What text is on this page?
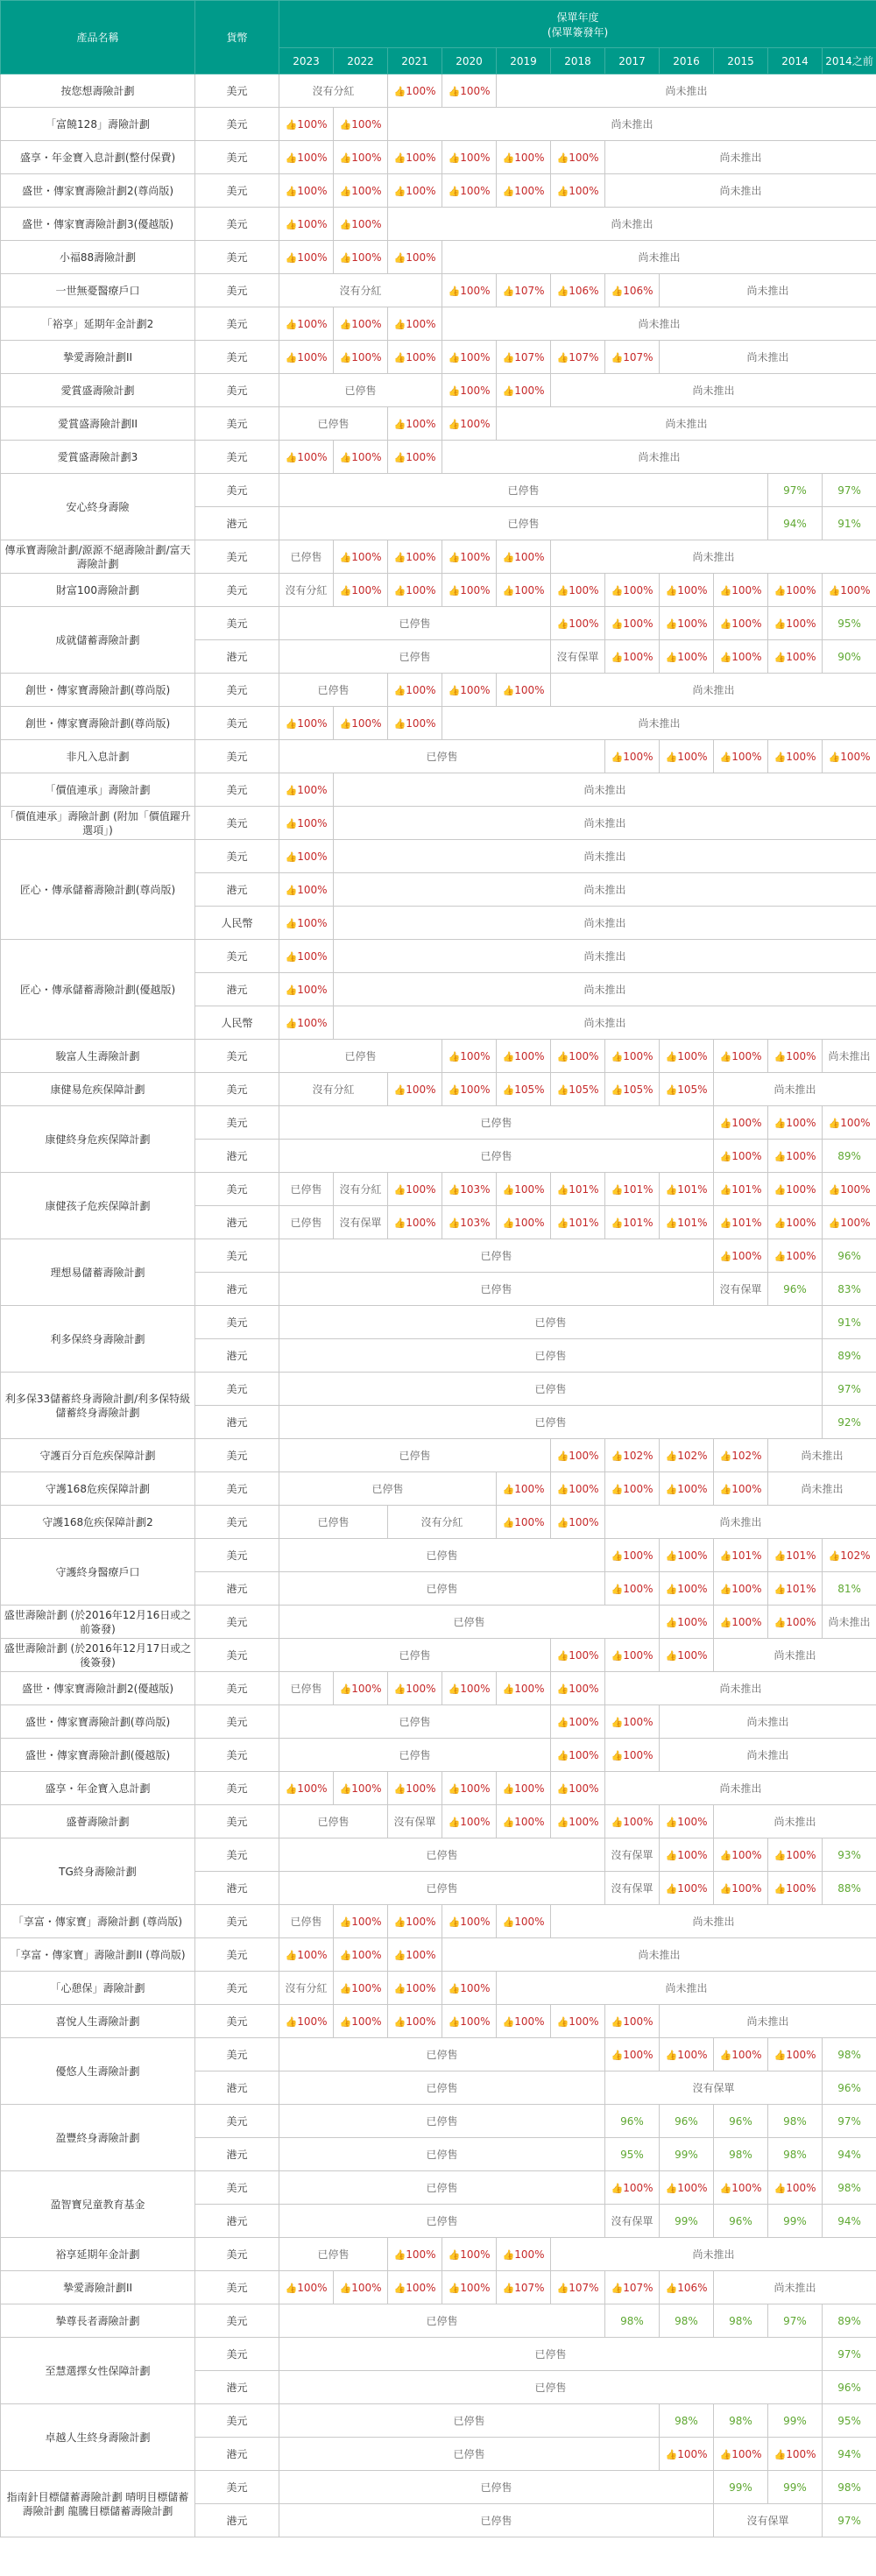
產品名稱	貨幣	保單年度
(保單簽發年)										

		2023	2022	2021	2020	2019	2018	2017	2016	2015	2014	2014之前
按您想壽險計劃	美元	沒有分紅		👍100%	👍100%	尚未推出						
「富饒128」壽險計劃	美元	👍100%	👍100%	尚未推出								
盛享・年金寶入息計劃(整付保費)	美元	👍100%	👍100%	👍100%	👍100%	👍100%	👍100%	尚未推出				
盛世・傳家寶壽險計劃2(尊尚版)	美元	👍100%	👍100%	👍100%	👍100%	👍100%	👍100%	尚未推出				
盛世・傳家寶壽險計劃3(優越版)	美元	👍100%	👍100%	尚未推出								
小福88壽險計劃	美元	👍100%	👍100%	👍100%	尚未推出							
一世無憂醫療戶口	美元	沒有分紅			👍100%	👍107%	👍106%	👍106%	尚未推出			
「裕享」延期年金計劃2	美元	👍100%	👍100%	👍100%	尚未推出							
摯愛壽險計劃II	美元	👍100%	👍100%	👍100%	👍100%	👍107%	👍107%	👍107%	尚未推出			
愛賞盛壽險計劃	美元	已停售			👍100%	👍100%	尚未推出					
愛賞盛壽險計劃II	美元	已停售		👍100%	👍100%	尚未推出						
愛賞盛壽險計劃3	美元	👍100%	👍100%	👍100%	尚未推出							
安心終身壽險	美元	已停售									97%	97%
	港元	已停售									94%	91%
傳承寶壽險計劃/源源不絕壽險計劃/富天壽險計劃	美元	已停售	👍100%	👍100%	👍100%	👍100%	尚未推出					
財富100壽險計劃	美元	沒有分紅	👍100%	👍100%	👍100%	👍100%	👍100%	👍100%	👍100%	👍100%	👍100%	👍100%
成就儲蓄壽險計劃	美元	已停售					👍100%	👍100%	👍100%	👍100%	👍100%	95%
	港元	已停售					沒有保單	👍100%	👍100%	👍100%	👍100%	90%
創世・傳家寶壽險計劃(尊尚版)	美元	已停售		👍100%	👍100%	👍100%	尚未推出					
創世・傳家寶壽險計劃(尊尚版)	美元	👍100%	👍100%	👍100%	尚未推出							
非凡入息計劃	美元	已停售						👍100%	👍100%	👍100%	👍100%	👍100%
「價值連承」壽險計劃	美元	👍100%	尚未推出									
「價值連承」壽險計劃 (附加「價值躍升選項」)	美元	👍100%	尚未推出									
匠心・傳承儲蓄壽險計劃(尊尚版)	美元	👍100%	尚未推出									
	港元	👍100%	尚未推出									
	人民幣	👍100%	尚未推出									
匠心・傳承儲蓄壽險計劃(優越版)	美元	👍100%	尚未推出									
	港元	👍100%	尚未推出									
	人民幣	👍100%	尚未推出									
駿富人生壽險計劃	美元	已停售			👍100%	👍100%	👍100%	👍100%	👍100%	👍100%	👍100%	尚未推出
康健易危疾保障計劃	美元	沒有分紅		👍100%	👍100%	👍105%	👍105%	👍105%	👍105%	尚未推出		
康健終身危疾保障計劃	美元	已停售								👍100%	👍100%	👍100%
	港元	已停售								👍100%	👍100%	89%
康健孩子危疾保障計劃	美元	已停售	沒有分紅	👍100%	👍103%	👍100%	👍101%	👍101%	👍101%	👍101%	👍100%	👍100%
	港元	已停售	沒有保單	👍100%	👍103%	👍100%	👍101%	👍101%	👍101%	👍101%	👍100%	👍100%
理想易儲蓄壽險計劃	美元	已停售								👍100%	👍100%	96%
	港元	已停售								沒有保單	96%	83%
利多保終身壽險計劃	美元	已停售										91%
	港元	已停售										89%
利多保33儲蓄終身壽險計劃/利多保特級儲蓄終身壽險計劃	美元	已停售										97%
	港元	已停售										92%
守護百分百危疾保障計劃	美元	已停售					👍100%	👍102%	👍102%	👍102%	尚未推出	
守護168危疾保障計劃	美元	已停售				👍100%	👍100%	👍100%	👍100%	👍100%	尚未推出	
守護168危疾保障計劃2	美元	已停售		沒有分紅		👍100%	👍100%	尚未推出				
守護終身醫療戶口	美元	已停售						👍100%	👍100%	👍101%	👍101%	👍102%
	港元	已停售						👍100%	👍100%	👍100%	👍101%	81%
盛世壽險計劃 (於2016年12月16日或之前簽發)	美元	已停售							👍100%	👍100%	👍100%	尚未推出
盛世壽險計劃 (於2016年12月17日或之後簽發)	美元	已停售					👍100%	👍100%	👍100%	尚未推出		
盛世・傳家寶壽險計劃2(優越版)	美元	已停售	👍100%	👍100%	👍100%	👍100%	👍100%	尚未推出				
盛世・傳家寶壽險計劃(尊尚版)	美元	已停售					👍100%	👍100%	尚未推出			
盛世・傳家寶壽險計劃(優越版)	美元	已停售					👍100%	👍100%	尚未推出			
盛享・年金寶入息計劃	美元	👍100%	👍100%	👍100%	👍100%	👍100%	👍100%	尚未推出				
盛薈壽險計劃	美元	已停售		沒有保單	👍100%	👍100%	👍100%	👍100%	👍100%	尚未推出		
TG終身壽險計劃	美元	已停售						沒有保單	👍100%	👍100%	👍100%	93%
	港元	已停售						沒有保單	👍100%	👍100%	👍100%	88%
「享富・傳家寶」壽險計劃 (尊尚版)	美元	已停售	👍100%	👍100%	👍100%	👍100%	尚未推出					
「享富・傳家寶」壽險計劃II (尊尚版)	美元	👍100%	👍100%	👍100%	尚未推出							
「心憩保」壽險計劃	美元	沒有分紅	👍100%	👍100%	👍100%	尚未推出						
喜悅人生壽險計劃	美元	👍100%	👍100%	👍100%	👍100%	👍100%	👍100%	👍100%	尚未推出			
優悠人生壽險計劃	美元	已停售						👍100%	👍100%	👍100%	👍100%	98%
	港元	已停售						沒有保單				96%
盈豐終身壽險計劃	美元	已停售						96%	96%	96%	98%	97%
	港元	已停售						95%	99%	98%	98%	94%
盈智寶兒童教育基金	美元	已停售						👍100%	👍100%	👍100%	👍100%	98%
	港元	已停售						沒有保單	99%	96%	99%	94%
裕享延期年金計劃	美元	已停售		👍100%	👍100%	👍100%	尚未推出					
摯愛壽險計劃II	美元	👍100%	👍100%	👍100%	👍100%	👍107%	👍107%	👍107%	👍106%	尚未推出		
摯尊長者壽險計劃	美元	已停售						98%	98%	98%	97%	89%
至慧選擇女性保障計劃	美元	已停售										97%
	港元	已停售										96%
卓越人生終身壽險計劃	美元	已停售							98%	98%	99%	95%
	港元	已停售							👍100%	👍100%	👍100%	94%
指南針目標儲蓄壽險計劃 晴明目標儲蓄壽險計劃 龍騰目標儲蓄壽險計劃	美元	已停售								99%	99%	98%
	港元	已停售								沒有保單		97%
